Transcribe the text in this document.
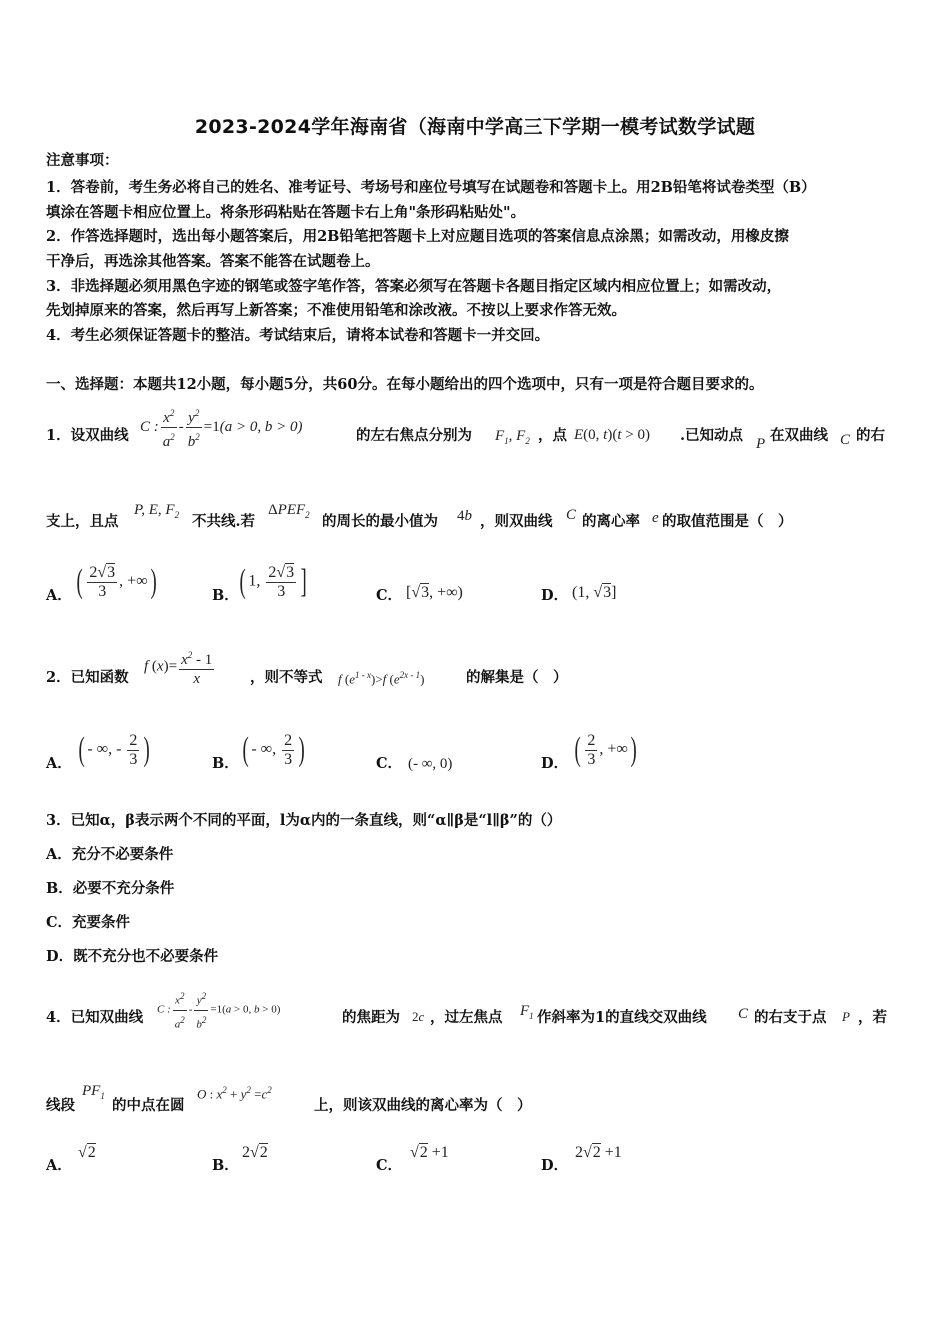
2023-2024学年海南省（海南中学高三下学期一模考试数学试题
注意事项：
1．答卷前，考生务必将自己的姓名、准考证号、考场号和座位号填写在试题卷和答题卡上。用2B铅笔将试卷类型（B）
填涂在答题卡相应位置上。将条形码粘贴在答题卡右上角"条形码粘贴处"。
2．作答选择题时，选出每小题答案后，用2B铅笔把答题卡上对应题目选项的答案信息点涂黑；如需改动，用橡皮擦
干净后，再选涂其他答案。答案不能答在试题卷上。
3．非选择题必须用黑色字迹的钢笔或签字笔作答，答案必须写在答题卡各题目指定区域内相应位置上；如需改动，
先划掉原来的答案，然后再写上新答案；不准使用铅笔和涂改液。不按以上要求作答无效。
4．考生必须保证答题卡的整洁。考试结束后，请将本试卷和答题卡一并交回。
一、选择题：本题共12小题，每小题5分，共60分。在每小题给出的四个选项中，只有一项是符合题目要求的。
1．设双曲线
C : $\frac{x^2}{a^2} - \frac{y^2}{b^2} =1(a > 0$, b > 0)
的左右焦点分别为 $F_1$, $F_2$ ，点 E(0, t)(t > 0) .已知动点 P 在双曲线 C 的右
支上，且点
P, E, $F_2$ 不共线.若
$\Delta PEF_2$ 的周长的最小值为 4b ，则双曲线 C 的离心率 e 的取值范围是（　）
A． ( $\frac{2√3}{3}$ , +∞)	B． ( 1, $\frac{2√3}{3}$ ]	C． [√3, +∞)	D． (1, √3]
2．已知函数
f $(x)= \frac{x^2 - 1}{x}$ ，则不等式 f $(e^{1 - x})>f$ $(e^{2x - 1})$	的解集是（　）
A． ( - ∞, - $\frac{2}{3}$ )	B． ( - ∞, $\frac{2}{3}$ )	C． (- ∞, 0)	D． ( $\frac{2}{3}$ , +∞)
3．已知α，β表示两个不同的平面，l为α内的一条直线，则“α∥β是“l∥β”的（）
A．充分不必要条件
B．必要不充分条件
C．充要条件
D．既不充分也不必要条件
4．已知双曲线 C : $\frac{x^2}{a^2} - \frac{y^2}{b^2} =1(a > 0$, b > 0)	的焦距为 2c ，过左焦点 $F_1$ 作斜率为1的直线交双曲线 C 的右支于点 P ，若
线段
$PF_1$
的中点在圆
O : $x^2 + y^2 =c^2$
上，则该双曲线的离心率为（　）
A．
√2
B．
2√2
C．
√2 +1
D．
2√2 +1
